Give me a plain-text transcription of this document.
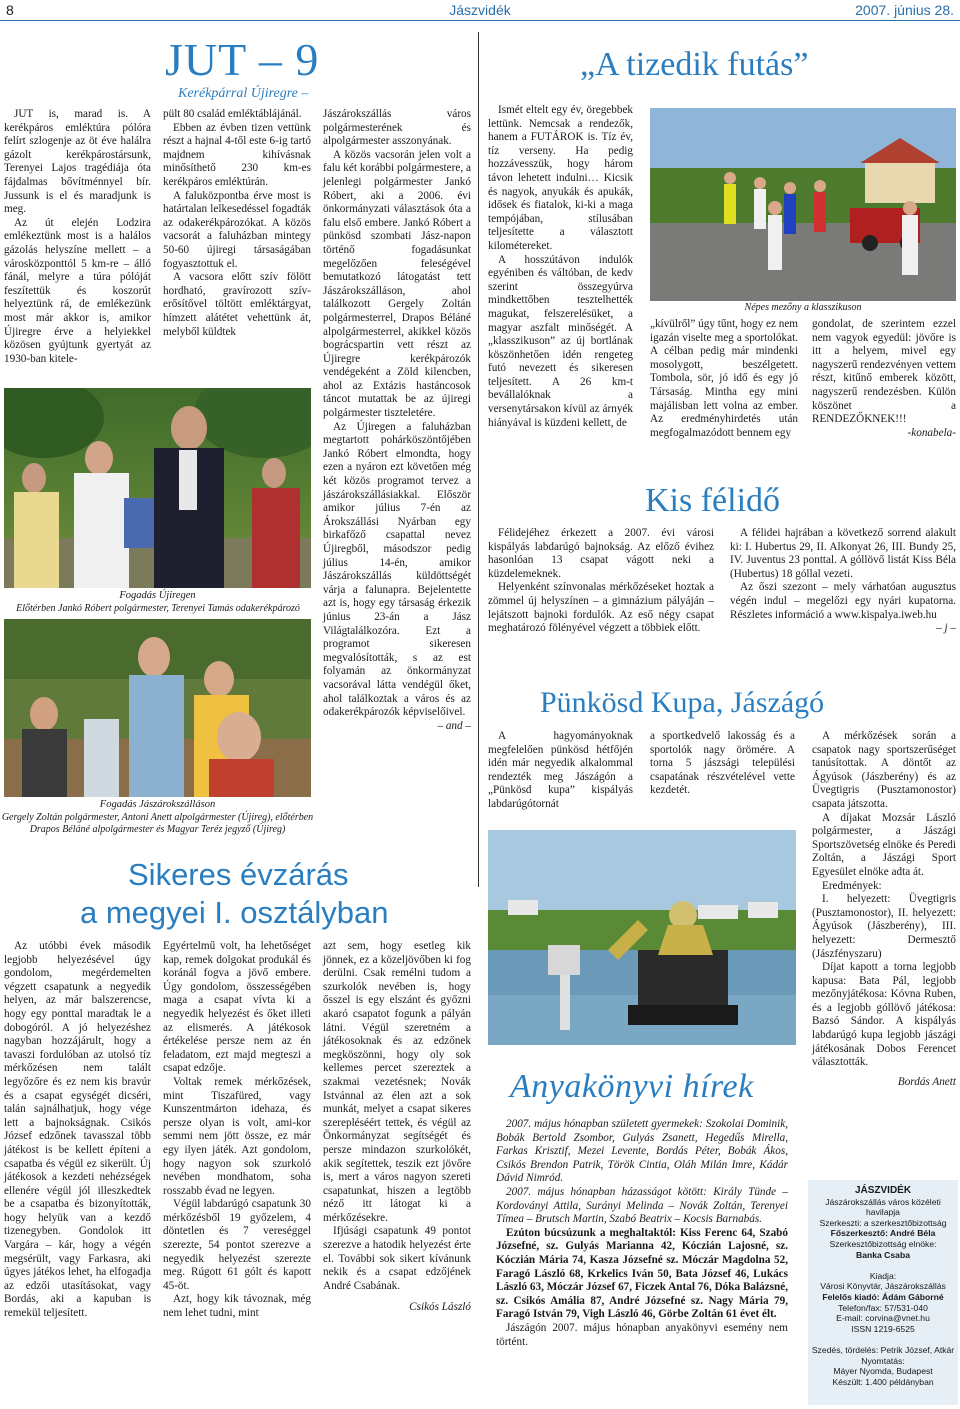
8	Jászvidék	2007. június 28.
JUT – 9
Kerékpárral Újiregre –

JUT is, marad is. A kerékpáros emléktúra pólóra felírt szlogenje az öt éve halálra gázolt kerékpárostársunk, Terenyei Lajos tragédiája óta fájdalmas bővítménnyel bír. Jussunk is el és maradjunk is meg.

Az út elején Lodzira emlékeztünk most is a halálos gázolás helyszíne mellett – a városközponttól 5 km-re – álló fánál, melyre a túra pólóját feszítettük és koszorút helyeztünk rá, de emlékezünk most már akkor is, amikor Újiregre érve a helyiekkel közösen gyújtunk gyertyát az 1930-ban kitele-

pült 80 család emléktáblájánál.

Ebben az évben tizen vettünk részt a hajnal 4-től este 6-ig tartó majdnem kihívásnak minősíthető 230 km-es kerékpáros emléktúrán.

A faluközpontba érve most is határtalan lelkesedéssel fogadták az odakerékpározókat. A közös vacsorát a faluházban mintegy 50-60 újiregi társaságában fogyasztottuk el.

A vacsora előtt szív fölött hordható, gravírozott szív-erősítővel töltött emléktárgyat, hímzett alátétet vehettünk át, melyből küldtek

Jászárokszállás város polgármesterének és alpolgármester asszonyának.

A közös vacsorán jelen volt a falu két korábbi polgármestere, a jelenlegi polgármester Jankó Róbert, aki a 2006. évi önkormányzati választások óta a falu első embere. Jankó Róbert a pünkösd szombati Jász-napon történő fogadásunkat megelőzően feleségével bemutatkozó látogatást tett Jászárokszálláson, ahol találkozott Gergely Zoltán polgármesterrel, Drapos Béláné alpolgármesterrel, akikkel közös bográcspartin vett részt az Újiregre kerékpározók vendégeként a Zöld kilencben, ahol az Extázis hastáncosok táncot mutattak be az újiregi polgármester tiszteletére.

Az Újiregen a faluházban megtartott pohárköszöntőjében Jankó Róbert elmondta, hogy ezen a nyáron ezt követően még két közös programot tervez a jászárokszállásiakkal. Először amikor július 7-én az Árokszállási Nyárban egy birkafőző csapattal nevez Újiregből, másodszor pedig július 14-én, amikor Jászárokszállás küldöttségét várja a falunapra. Bejelentette azt is, hogy egy társaság érkezik június 23-án a Jász Világtalálkozóra. Ezt a programot sikeresen megvalósították, s az est folyamán az önkormányzat vacsorával látta vendégül őket, ahol találkoztak a város és az odakerékpározók képviselőivel.

– and –

Fogadás Újiregen
Előtérben Jankó Róbert polgármester, Terenyei Tamás odakerékpározó
Fogadás Jászárokszálláson
Gergely Zoltán polgármester, Antoni Anett alpolgármester (Újireg), előtérben Drapos Béláné alpolgármester és Magyar Teréz jegyző (Újireg)
„A tizedik futás”

Ismét eltelt egy év, öregebbek lettünk. Nemcsak a rendezők, hanem a FUTÁROK is. Tíz év, tíz verseny. Ha pedig hozzávesszük, hogy három távon lehetett indulni… Kicsik és nagyok, anyukák és apukák, idősek és fiatalok, ki-ki a maga tempójában, stílusában teljesítette a választott kilométereket.

A hosszútávon indulók egyéniben és váltóban, de kedv szerint összegyúrva mindkettőben tesztelhették magukat, felszerelésüket, a magyar aszfalt minőségét. A „klasszikuson” az új bortlának köszönhetően idén rengeteg futó nevezett és sikeresen teljesített. A 26 km-t bevállalóknak a versenytársakon kívül az árnyék hiányával is küzdeni kellett, de

Népes mezőny a klasszikuson

„kívülről” úgy tűnt, hogy ez nem igazán viselte meg a sportolókat. A célban pedig már mindenki mosolygott, beszélgetett. Tombola, sör, jó idő és egy jó Társaság. Mintha egy mini majálisban lett volna az ember. Az eredményhirdetés után megfogalmazódott bennem egy

gondolat, de szerintem ezzel nem vagyok egyedül: jövőre is itt a helyem, mivel egy nagyszerű rendezvényen vettem részt, kitűnő emberek között, nagyszerű rendezésben. Külön köszönet a RENDEZŐKNEK!!!

-konabela-

Kis félidő

Félidejéhez érkezett a 2007. évi városi kispályás labdarúgó bajnokság. Az előző évihez hasonlóan 13 csapat vágott neki a küzdelemeknek.

Helyenként színvonalas mérkőzéseket hoztak a zömmel új helyszínen – a gimnázium pályáján – lejátszott bajnoki fordulók. Az eső négy csapat meghatározó fölényével végzett a többiek előtt.

A félidei hajrában a következő sorrend alakult ki: I. Hubertus 29, II. Alkonyat 26, III. Bundy 25, IV. Juventus 23 ponttal. A góllövő listát Kiss Béla (Hubertus) 18 góllal vezeti.

Az őszi szezont – mely várhatóan augusztus végén indul – megelőzi egy nyári kupatorna. Részletes információ a www.kispalya.iweb.hu

– j –

Pünkösd Kupa, Jászágó

A hagyományoknak megfelelően pünkösd hétfőjén idén már negyedik alkalommal rendezték meg Jászágón a „Pünkösd kupa” kispályás labdarúgótornát

a sportkedvelő lakosság és a sportolók nagy örömére. A torna 5 jászsági települési csapatának részvételével vette kezdetét.

A mérkőzések során a csapatok nagy sportszerűséget tanúsítottak. A döntőt az Ágyúsok (Jászberény) és az Üvegtigris (Pusztamonostor) csapata játszotta.

A díjakat Mozsár László polgármester, a Jászági Sportszövetség elnöke és Peredi Zoltán, a Jászági Sport Egyesület elnöke adta át.

Eredmények:

I. helyezett: Üvegtigris (Pusztamonostor), II. helyezett: Ágyúsok (Jászberény), III. helyezett: Dermesztő (Jászfényszaru)

Díjat kapott a torna legjobb kapusa: Bata Pál, legjobb mezőnyjátékosa: Kóvna Ruben, és a legjobb góllövő játékosa: Bazsó Sándor. A kispályás labdarúgó kupa legjobb jászági játékosának Dobos Ferencet választották.

Bordás Anett

Anyakönyvi hírek

2007. május hónapban született gyermekek: Szokolai Dominik, Bobák Bertold Zsombor, Gulyás Zsanett, Hegedűs Mirella, Farkas Krisztif, Mezei Levente, Bordás Péter, Bobák Ákos, Csikós Brendon Patrik, Török Cintia, Oláh Milán Imre, Kádár Dávid Nimród.

2007. május hónapban házasságot kötött: Király Tünde – Kordoványi Attila, Surányi Melinda – Novák Zoltán, Terenyei Tímea – Brutsch Martin, Szabó Beatrix – Kocsis Barnabás.

Ezúton búcsúzunk a meghaltaktól: Kiss Ferenc 64, Szabó Józsefné, sz. Gulyás Marianna 42, Kóczián Lajosné, sz. Kóczián Mária 74, Kasza Józsefné sz. Móczár Magdolna 52, Faragó László 68, Krkelics Iván 50, Bata József 46, Lukács László 63, Móczár József 67, Ficzek Antal 76, Dóka Balázsné, sz. Csikós Amália 87, André Józsefné sz. Nagy Mária 79, Faragó István 79, Vigh László 46, Görbe Zoltán 61 évet élt.

Jászágón 2007. május hónapban anyakönyvi esemény nem történt.

JÁSZVIDÉK
Jászárokszállás város közéleti
havilapja
Szerkeszti: a szerkesztőbizottság
Főszerkesztő: André Béla
Szerkesztőbizottság elnöke:
Banka Csaba

Kiadja:
Városi Könyvtár, Jászárokszállás
Felelős kiadó: Ádám Gáborné
Telefon/fax: 57/531-040
E-mail: corvina@vnet.hu
ISSN 1219-6525

Szedés, tördelés: Petrik József, Atkár
Nyomtatás:
Máyer Nyomda, Budapest
Készült: 1.400 példányban
Sikeres évzárás
a megyei I. osztályban

Az utóbbi évek második legjobb helyezésével úgy gondolom, megérdemelten végzett csapatunk a negyedik helyen, az már balszerencse, hogy egy ponttal maradtak le a dobogóról. A jó helyezéshez nagyban hozzájárult, hogy a tavaszi fordulóban az utolsó tíz mérkőzésen nem talált legyőzőre és ez nem kis bravúr és a csapat egységét dicséri, talán sajnálhatjuk, hogy vége lett a bajnokságnak. Csikós József edzőnek tavasszal több játékost is be kellett építeni a csapatba és végül ez sikerült. Új játékosok a kezdeti nehézségek ellenére végül jól illeszkedtek be a csapatba és bizonyították, hogy helyük van a kezdő tizenegyben. Gondolok itt Vargára – kár, hogy a végén megsérült, vagy Farkasra, aki úgyes játékos lehet, ha elfogadja az edzői utasításokat, vagy Bordás, aki a kapuban is remekül teljesített.

Egyértelmű volt, ha lehetőséget kap, remek dolgokat produkál és koránál fogva a jövő embere. Úgy gondolom, összességében maga a csapat vívta ki a negyedik helyezést és őket illeti az elismerés. A játékosok értékelése persze nem az én feladatom, ezt majd megteszi a csapat edzője.

Voltak remek mérkőzések, mint Tiszafüred, vagy Kunszentmárton idehaza, és persze olyan is volt, ami-kor semmi nem jött össze, ez már egy ilyen játék. Azt gondolom, hogy nagyon sok szurkoló nevében mondhatom, soha rosszabb évad ne legyen.

Végül labdarúgó csapatunk 30 mérkőzésből 19 győzelem, 4 döntetlen és 7 vereséggel szerezte, 54 pontot szerezve a negyedik helyezést szerezte meg. Rúgott 61 gólt és kapott 45-öt.

Azt, hogy kik távoznak, még nem lehet tudni, mint

azt sem, hogy esetleg kik jönnek, ez a közeljövőben ki fog derülni. Csak remélni tudom a szurkolók nevében is, hogy ősszel is egy elszánt és győzni akaró csapatot fogunk a pályán látni. Végül szeretném a játékosoknak és az edzőnek megköszönni, hogy oly sok kellemes percet szereztek a szakmai vezetésnek; Novák Istvánnal az élen azt a sok munkát, melyet a csapat sikeres szerepléséért tettek, és végül az Önkormányzat segítségét és persze mindazon szurkolókét, akik segítettek, teszik ezt jövőre is, mert a város nagyon szereti csapatunkat, hiszen a legtöbb néző itt látogat ki a mérkőzésekre.

Ifjúsági csapatunk 49 pontot szerezve a hatodik helyezést érte el. További sok sikert kívánunk nekik és a csapat edzőjének André Csabának.

Csikós László
